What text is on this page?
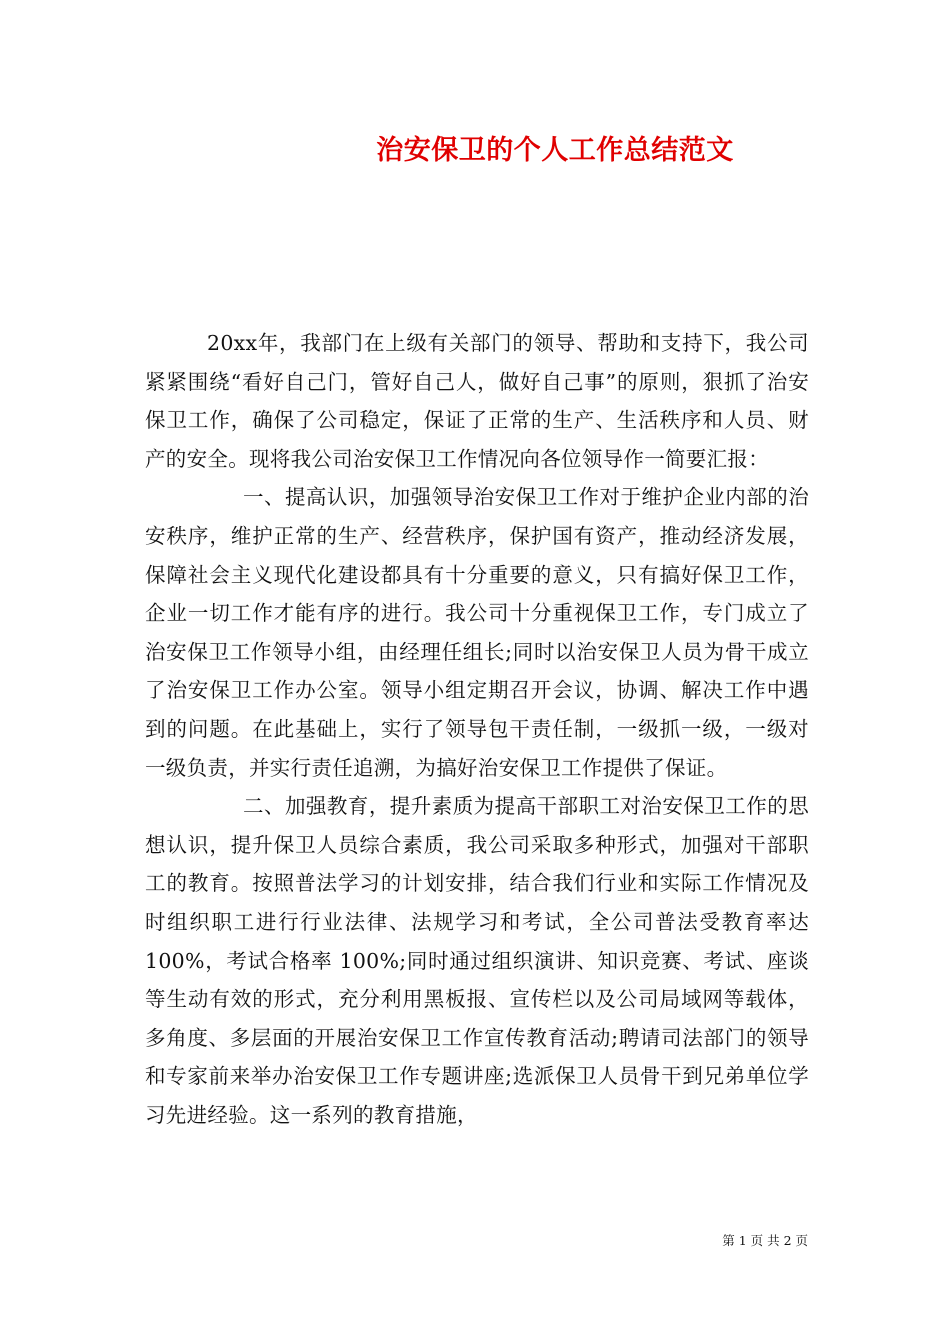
治安保卫的个人工作总结范文

20xx年，我部门在上级有关部门的领导、帮助和支持下，我公司紧紧围绕“看好自己门，管好自己人，做好自己事”的原则，狠抓了治安保卫工作，确保了公司稳定，保证了正常的生产、生活秩序和人员、财产的安全。现将我公司治安保卫工作情况向各位领导作一简要汇报：

一、提高认识，加强领导治安保卫工作对于维护企业内部的治安秩序，维护正常的生产、经营秩序，保护国有资产，推动经济发展，保障社会主义现代化建设都具有十分重要的意义，只有搞好保卫工作，企业一切工作才能有序的进行。我公司十分重视保卫工作，专门成立了治安保卫工作领导小组，由经理任组长;同时以治安保卫人员为骨干成立了治安保卫工作办公室。领导小组定期召开会议，协调、解决工作中遇到的问题。在此基础上，实行了领导包干责任制，一级抓一级，一级对一级负责，并实行责任追溯，为搞好治安保卫工作提供了保证。

二、加强教育，提升素质为提高干部职工对治安保卫工作的思想认识，提升保卫人员综合素质，我公司采取多种形式，加强对干部职工的教育。按照普法学习的计划安排，结合我们行业和实际工作情况及时组织职工进行行业法律、法规学习和考试，全公司普法受教育率达 100%，考试合格率 100%;同时通过组织演讲、知识竞赛、考试、座谈等生动有效的形式，充分利用黑板报、宣传栏以及公司局域网等载体，多角度、多层面的开展治安保卫工作宣传教育活动;聘请司法部门的领导和专家前来举办治安保卫工作专题讲座;选派保卫人员骨干到兄弟单位学习先进经验。这一系列的教育措施，

第 1 页 共 2 页
